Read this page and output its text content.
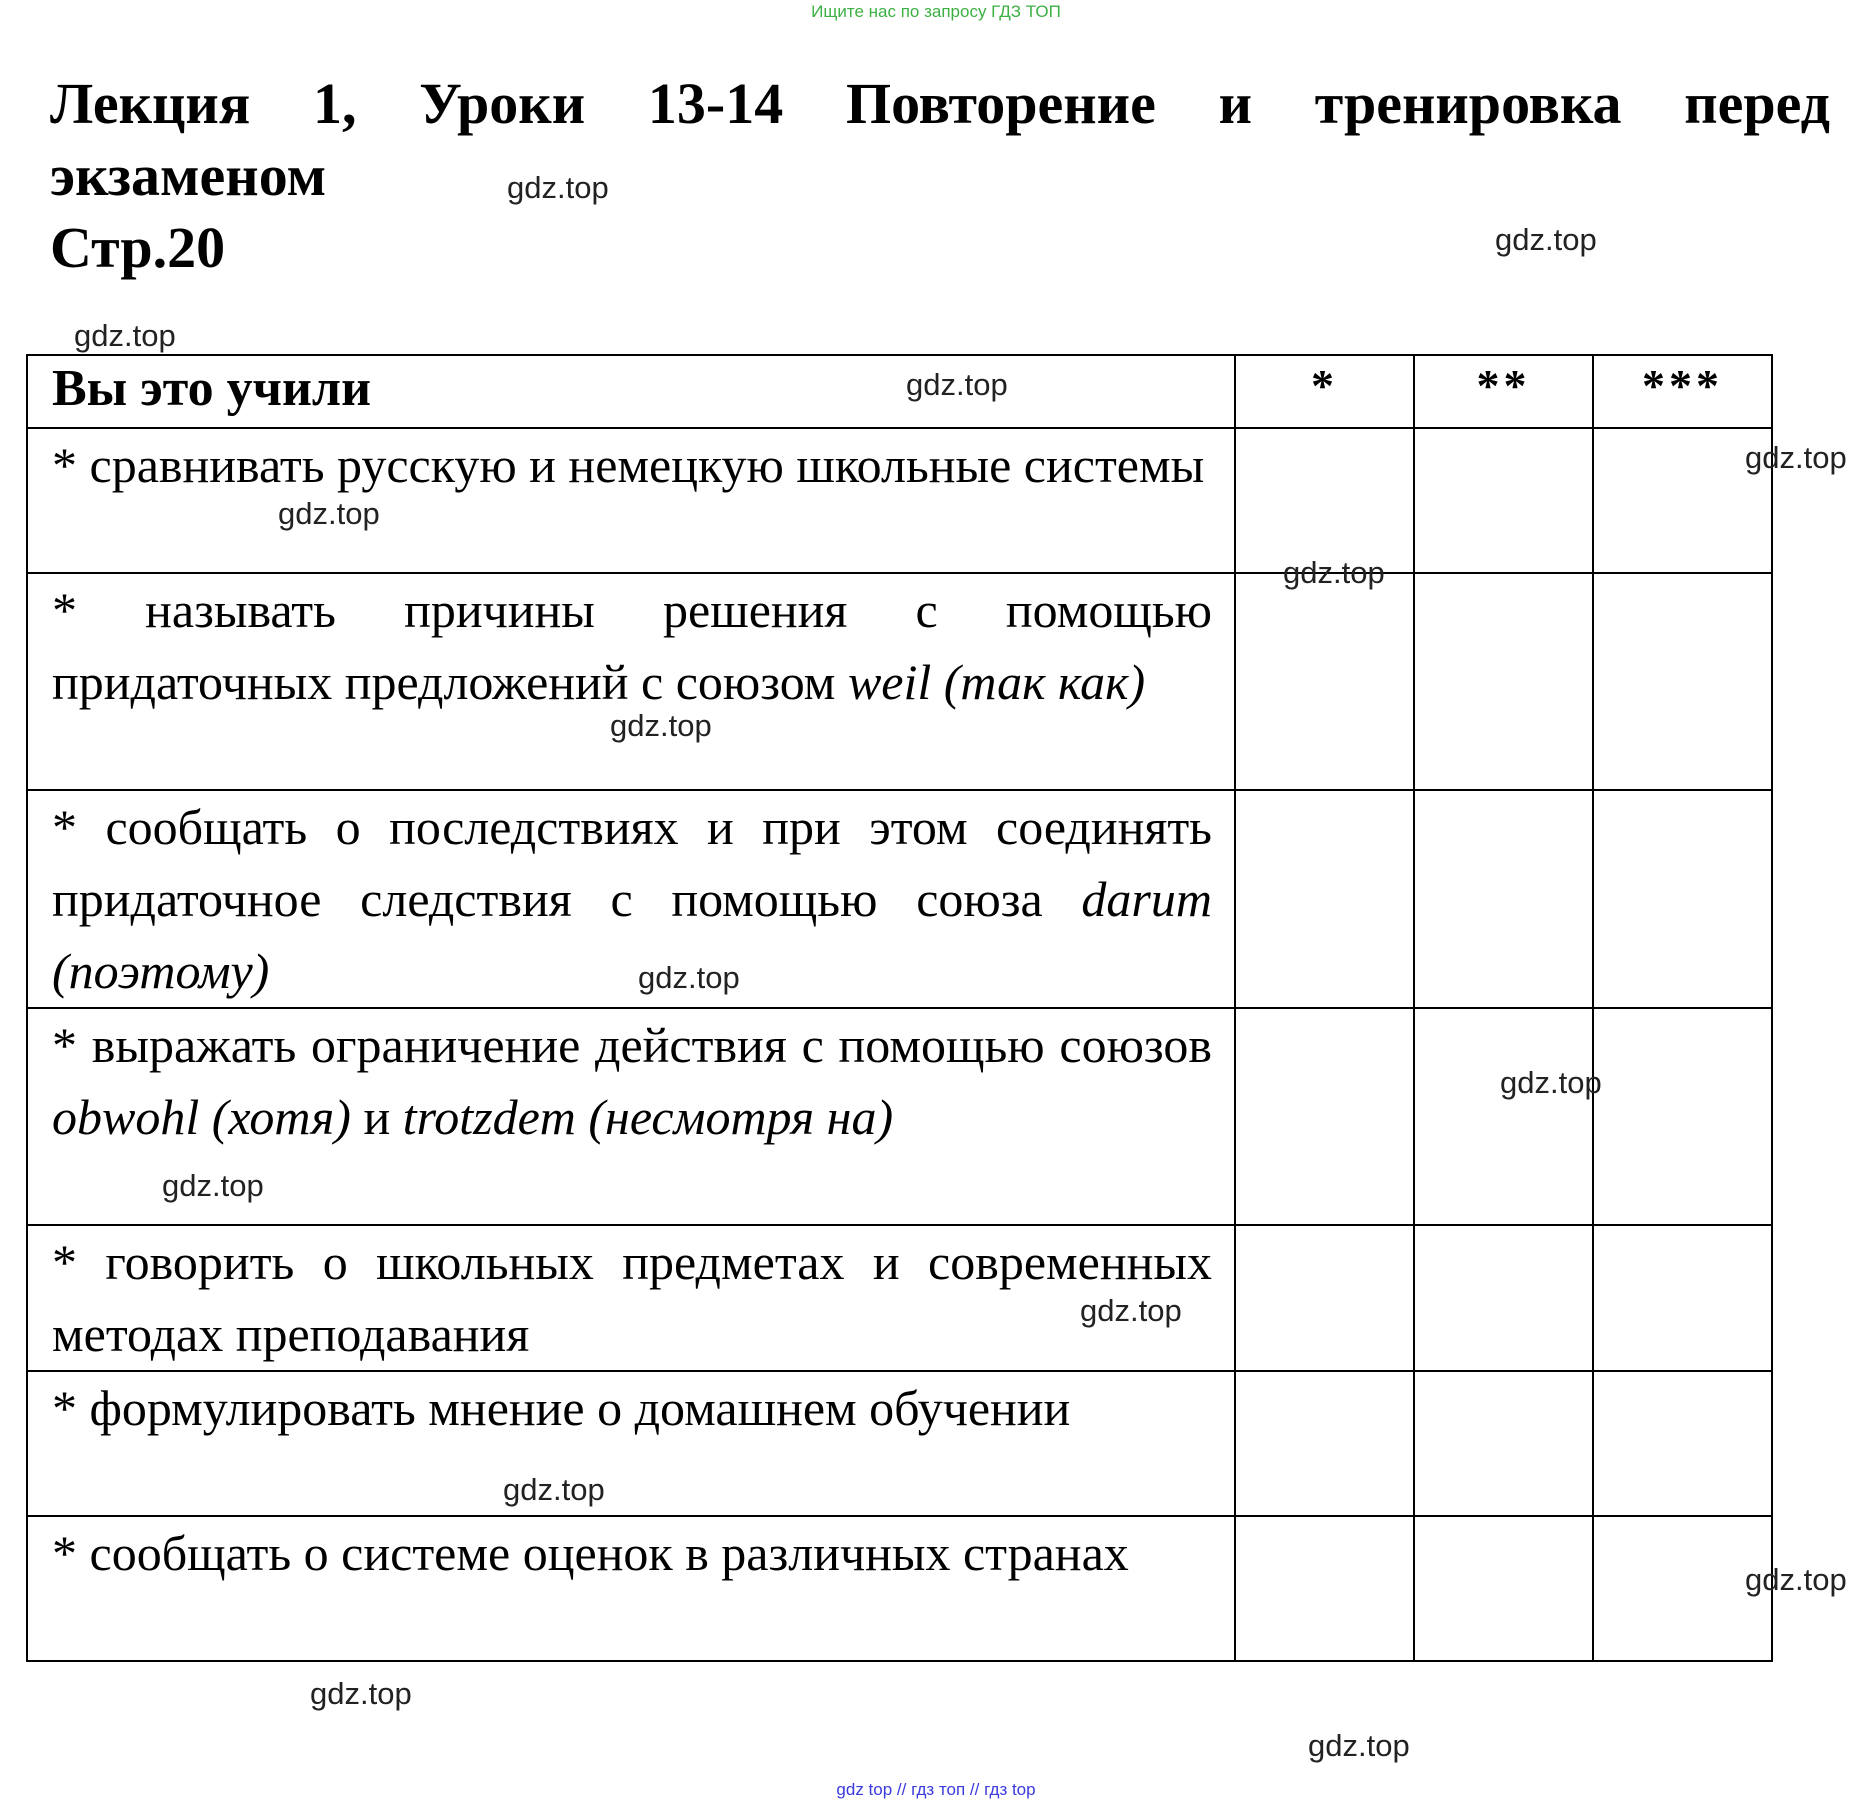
Ищите нас по запросу ГДЗ ТОП
Лекция 1, Уроки 13-14 Повторение и тренировка перед
экзаменом
Стр.20
Вы это учили	*	**	***
* сравнивать русскую и немецкую школьные системы			
* называть причины решения с помощью придаточных предложений с союзом weil (так как)			
* сообщать о последствиях и при этом соединять придаточное следствия с помощью союза darum (поэтому)			
* выражать ограничение действия с помощью союзов obwohl (хотя) и trotzdem (несмотря на)			
* говорить о школьных предметах и современных методах преподавания			
* формулировать мнение о домашнем обучении			
* сообщать о системе оценок в различных странах			
gdz.top
gdz.top
gdz.top
gdz.top
gdz.top
gdz.top
gdz.top
gdz.top
gdz.top
gdz.top
gdz.top
gdz.top
gdz.top
gdz.top
gdz.top
gdz.top
gdz top // гдз топ // гдз top
